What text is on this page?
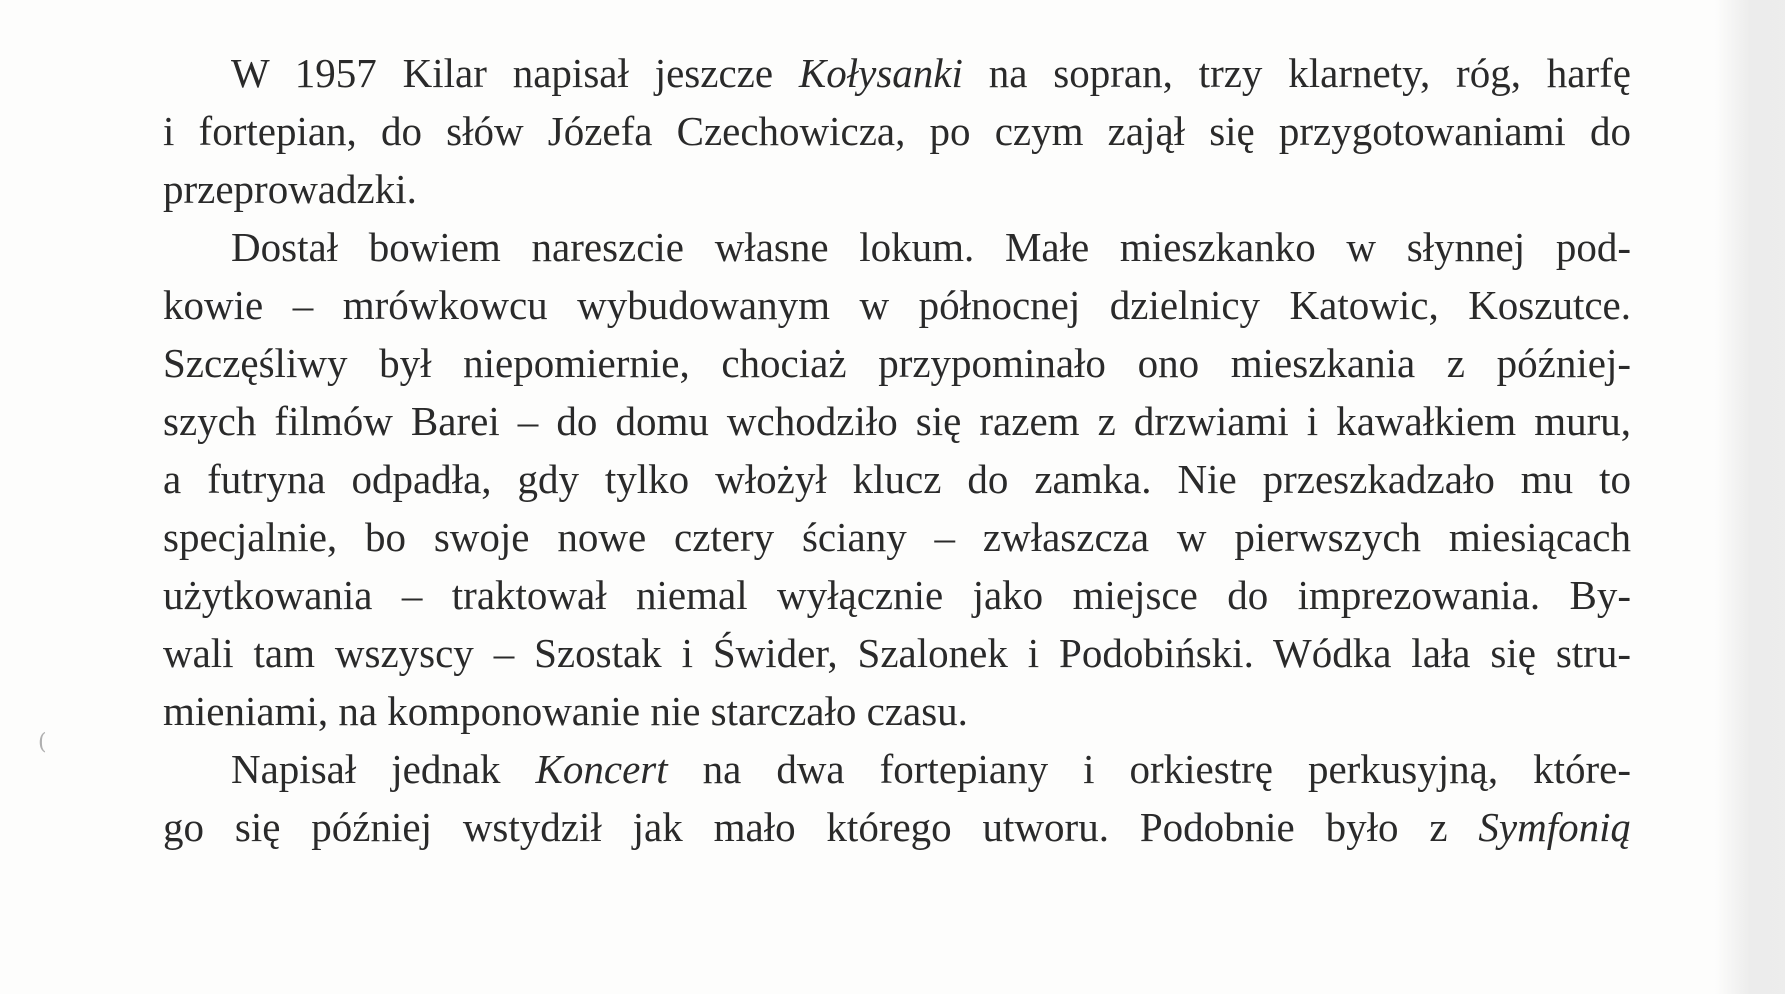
(
W 1957 Kilar napisał jeszcze Kołysanki na sopran, trzy klarnety, róg, harfę
i fortepian, do słów Józefa Czechowicza, po czym zajął się przygotowaniami do
przeprowadzki.
Dostał bowiem nareszcie własne lokum. Małe mieszkanko w słynnej pod-
kowie – mrówkowcu wybudowanym w północnej dzielnicy Katowic, Koszutce.
Szczęśliwy był niepomiernie, chociaż przypominało ono mieszkania z później-
szych filmów Barei – do domu wchodziło się razem z drzwiami i kawałkiem muru,
a futryna odpadła, gdy tylko włożył klucz do zamka. Nie przeszkadzało mu to
specjalnie, bo swoje nowe cztery ściany – zwłaszcza w pierwszych miesiącach
użytkowania – traktował niemal wyłącznie jako miejsce do imprezowania. By-
wali tam wszyscy – Szostak i Świder, Szalonek i Podobiński. Wódka lała się stru-
mieniami, na komponowanie nie starczało czasu.
Napisał jednak Koncert na dwa fortepiany i orkiestrę perkusyjną, które-
go się później wstydził jak mało którego utworu. Podobnie było z Symfonią
